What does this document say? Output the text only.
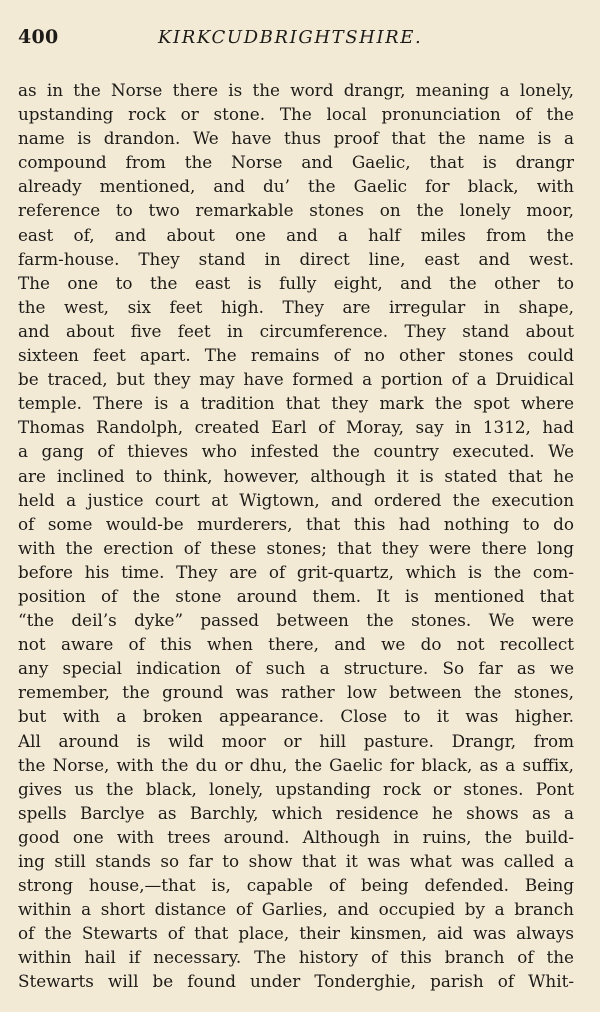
400	KIRKCUDBRIGHTSHIRE.
as in the Norse there is the word drangr, meaning a lonely,
upstanding rock or stone. The local pronunciation of the
name is drandon. We have thus proof that the name is a
compound from the Norse and Gaelic, that is drangr
already mentioned, and du’ the Gaelic for black, with
reference to two remarkable stones on the lonely moor,
east of, and about one and a half miles from the
farm-house. They stand in direct line, east and west.
The one to the east is fully eight, and the other to
the west, six feet high. They are irregular in shape,
and about five feet in circumference. They stand about
sixteen feet apart. The remains of no other stones could
be traced, but they may have formed a portion of a Druidical
temple. There is a tradition that they mark the spot where
Thomas Randolph, created Earl of Moray, say in 1312, had
a gang of thieves who infested the country executed. We
are inclined to think, however, although it is stated that he
held a justice court at Wigtown, and ordered the execution
of some would-be murderers, that this had nothing to do
with the erection of these stones; that they were there long
before his time. They are of grit-quartz, which is the com-
position of the stone around them. It is mentioned that
“the deil’s dyke” passed between the stones. We were
not aware of this when there, and we do not recollect
any special indication of such a structure. So far as we
remember, the ground was rather low between the stones,
but with a broken appearance. Close to it was higher.
All around is wild moor or hill pasture. Drangr, from
the Norse, with the du or dhu, the Gaelic for black, as a suffix,
gives us the black, lonely, upstanding rock or stones. Pont
spells Barclye as Barchly, which residence he shows as a
good one with trees around. Although in ruins, the build-
ing still stands so far to show that it was what was called a
strong house,—that is, capable of being defended. Being
within a short distance of Garlies, and occupied by a branch
of the Stewarts of that place, their kinsmen, aid was always
within hail if necessary. The history of this branch of the
Stewarts will be found under Tonderghie, parish of Whit-
